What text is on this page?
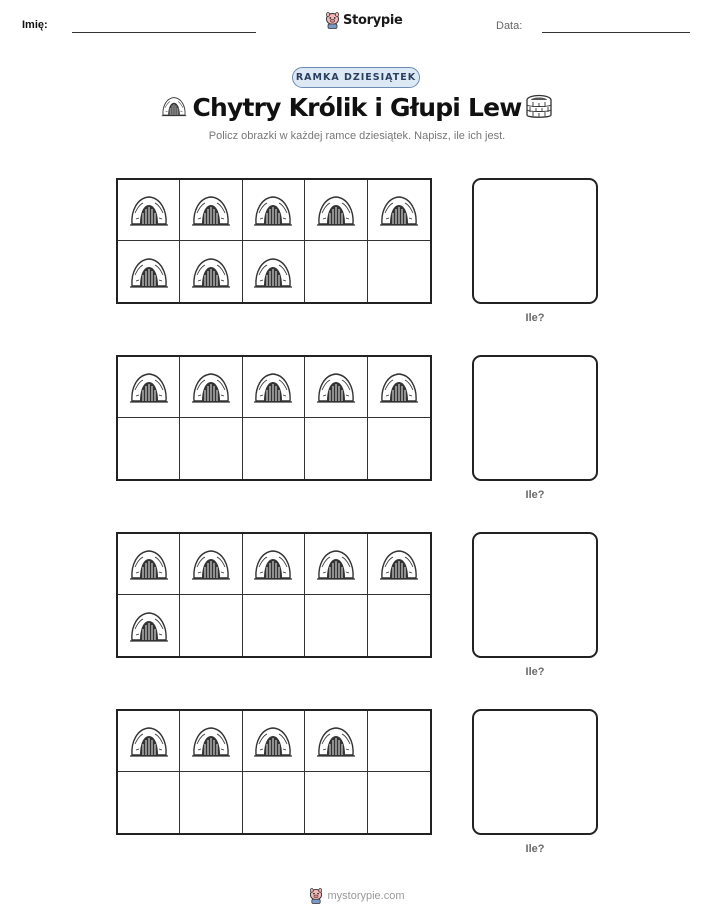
Imię:	Storypie	Data:
RAMKA DZIESIĄTEK
Chytry Królik i Głupi Lew
Policz obrazki w każdej ramce dziesiątek. Napisz, ile ich jest.
Ile?
Ile?
Ile?
Ile?
mystorypie.com
